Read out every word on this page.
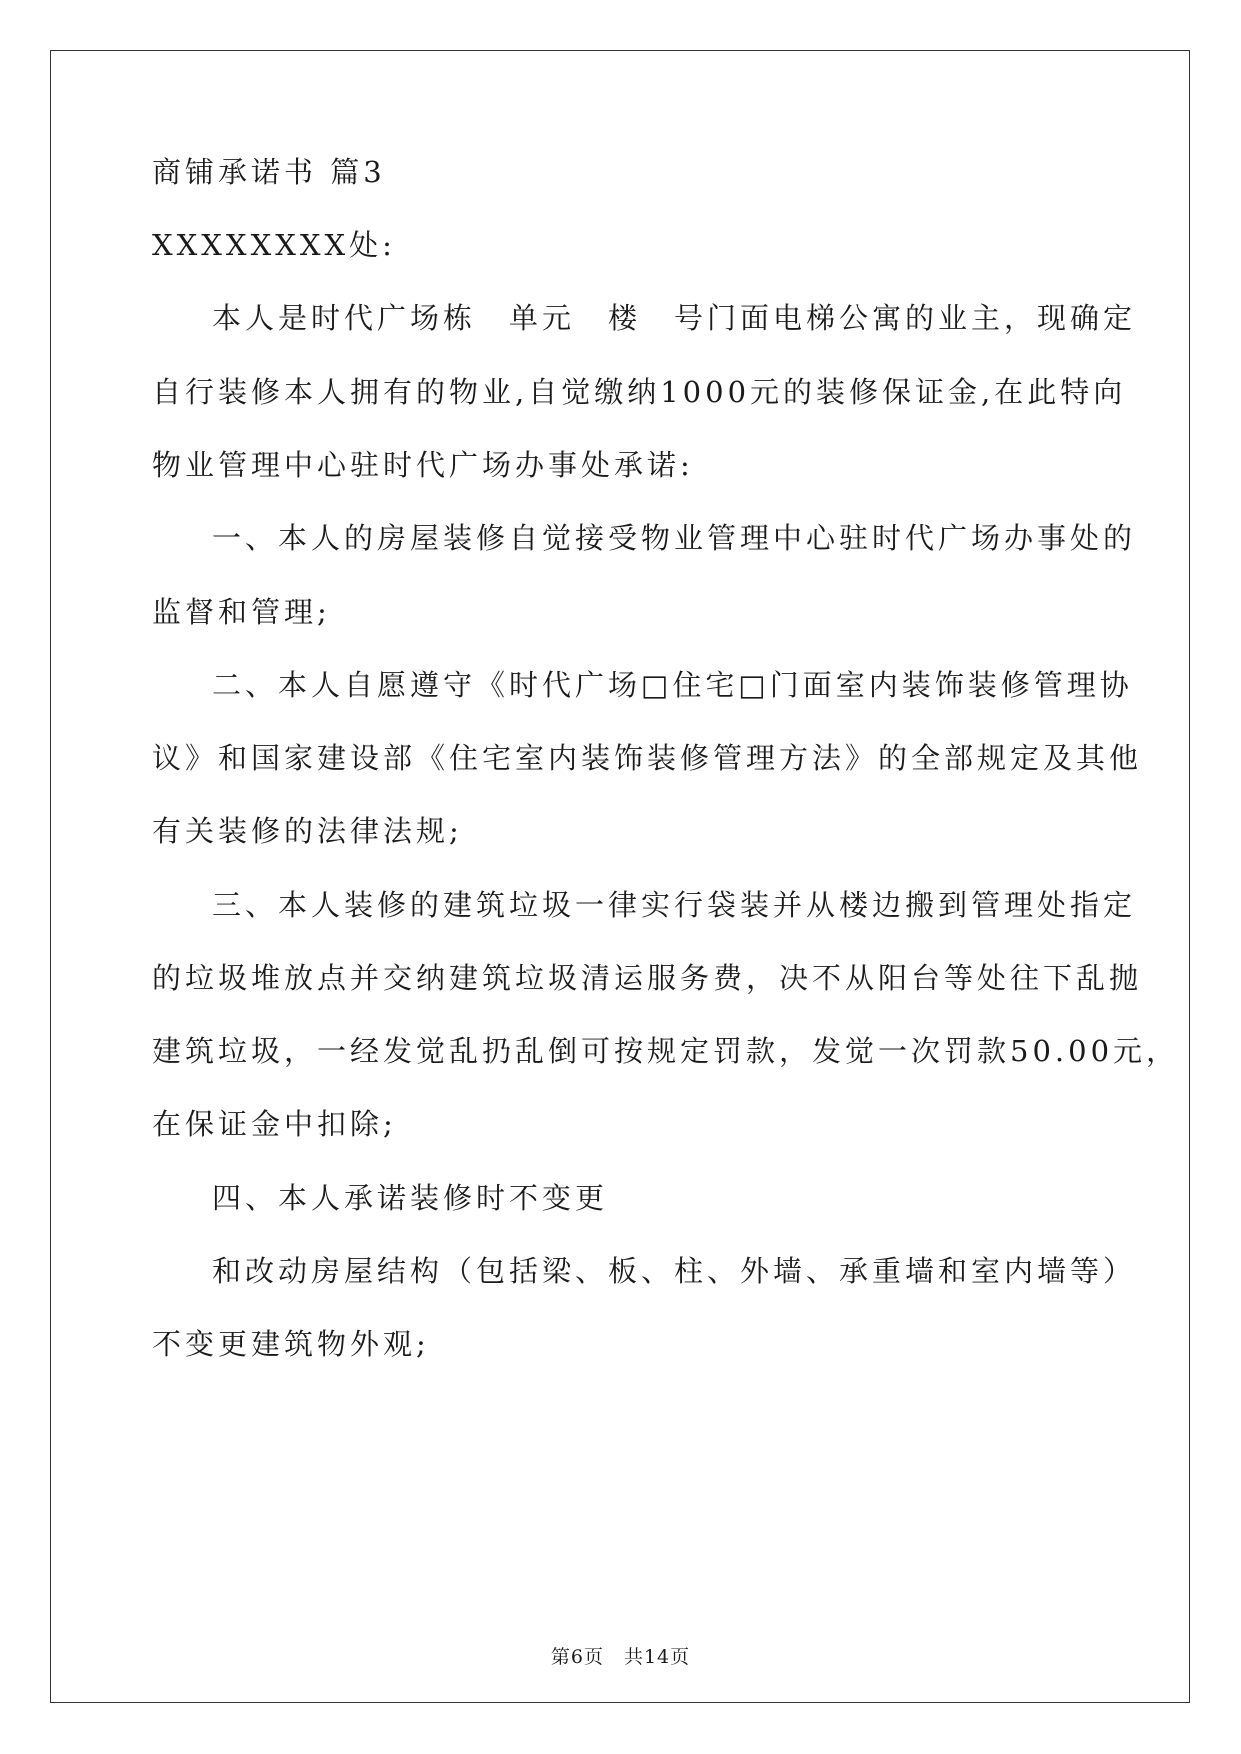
商铺承诺书 篇3
XXXXXXXX处:
本人是时代广场栋　单元　楼　号门面电梯公寓的业主，现确定
自行装修本人拥有的物业,自觉缴纳1000元的装修保证金,在此特向
物业管理中心驻时代广场办事处承诺:
一、本人的房屋装修自觉接受物业管理中心驻时代广场办事处的
监督和管理;
二、本人自愿遵守《时代广场□住宅□门面室内装饰装修管理协
议》和国家建设部《住宅室内装饰装修管理方法》的全部规定及其他
有关装修的法律法规;
三、本人装修的建筑垃圾一律实行袋装并从楼边搬到管理处指定
的垃圾堆放点并交纳建筑垃圾清运服务费，决不从阳台等处往下乱抛
建筑垃圾，一经发觉乱扔乱倒可按规定罚款，发觉一次罚款50.00元，
在保证金中扣除;
四、本人承诺装修时不变更
和改动房屋结构（包括梁、板、柱、外墙、承重墙和室内墙等）
不变更建筑物外观;
第6页　共14页
